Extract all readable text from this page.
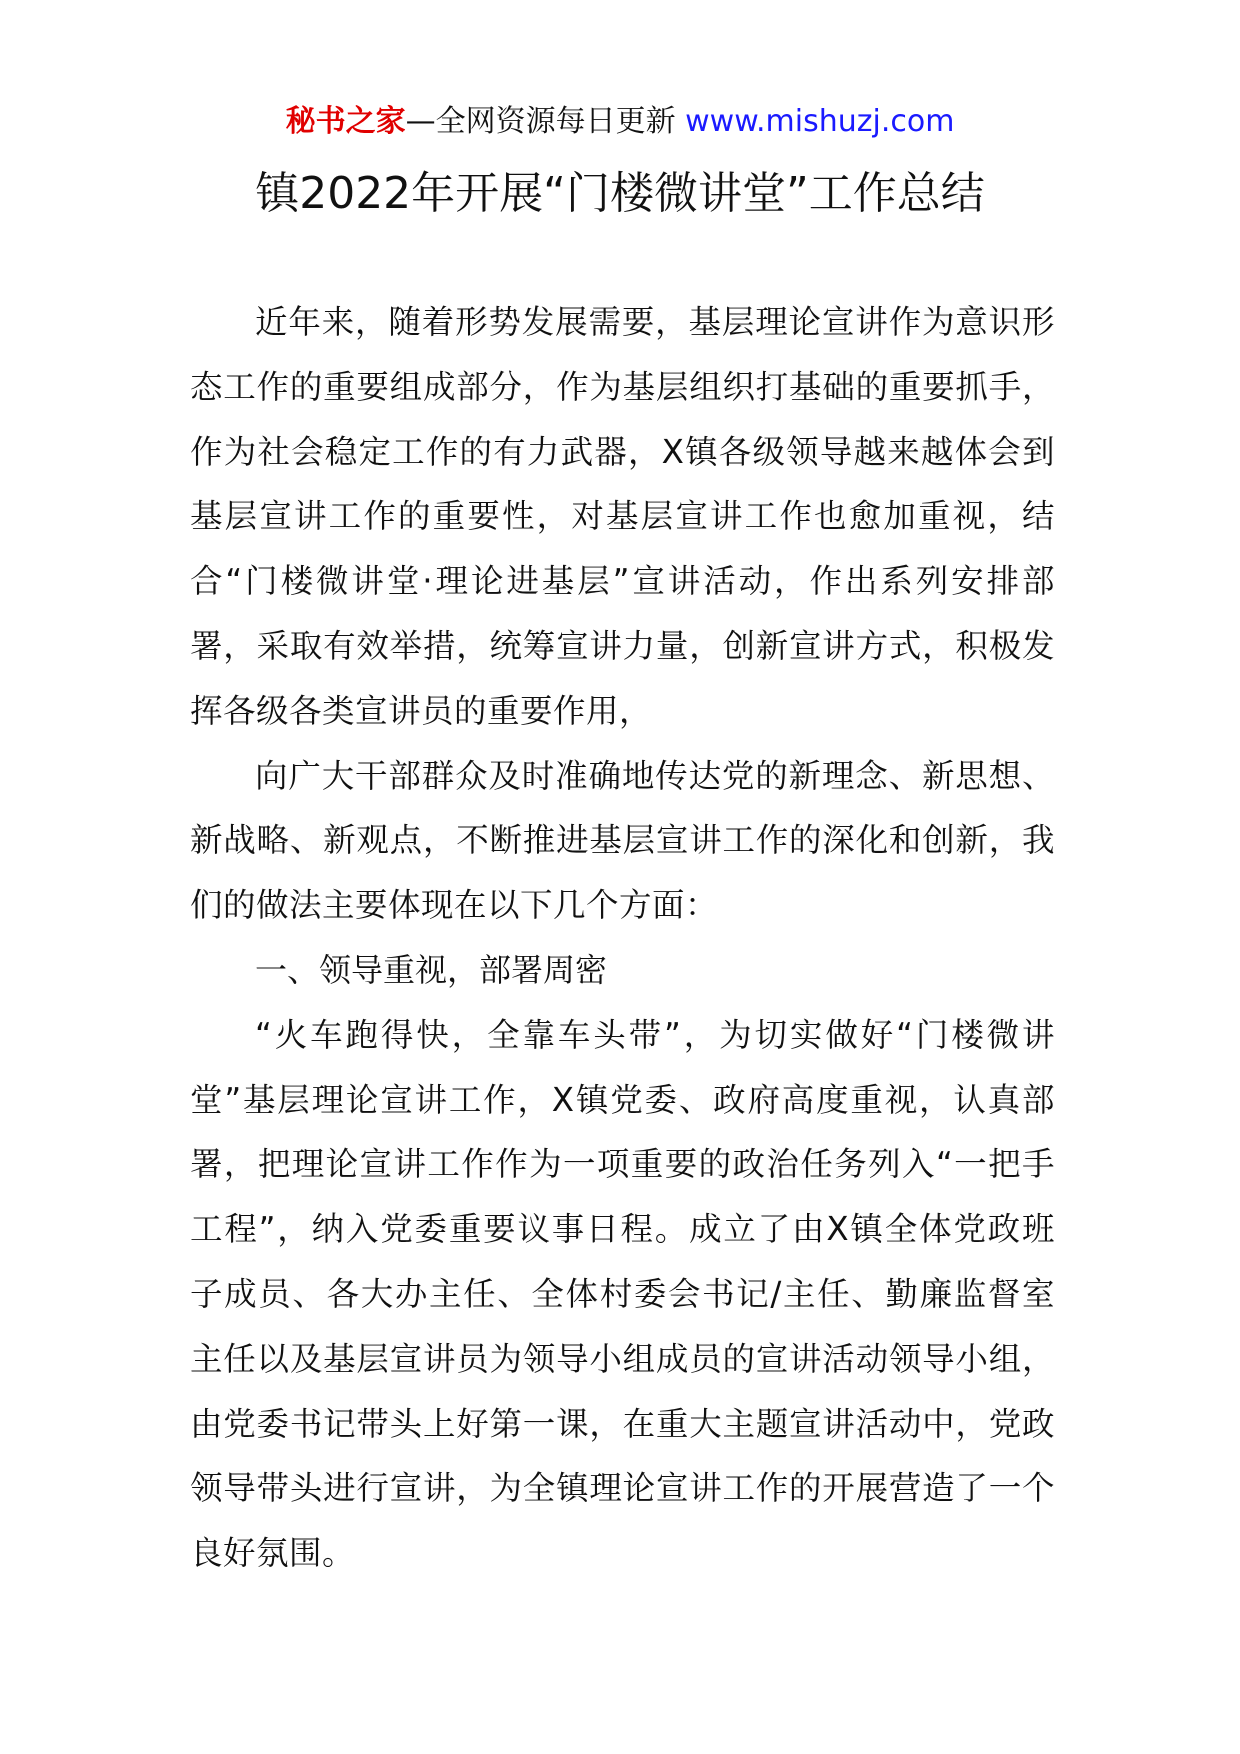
秘书之家—全网资源每日更新 www.mishuzj.com
镇2022年开展“门楼微讲堂”工作总结

近年来，随着形势发展需要，基层理论宣讲作为意识形态工作的重要组成部分，作为基层组织打基础的重要抓手，作为社会稳定工作的有力武器，X镇各级领导越来越体会到基层宣讲工作的重要性，对基层宣讲工作也愈加重视，结合“门楼微讲堂·理论进基层”宣讲活动，作出系列安排部署，采取有效举措，统筹宣讲力量，创新宣讲方式，积极发挥各级各类宣讲员的重要作用，

向广大干部群众及时准确地传达党的新理念、新思想、新战略、新观点，不断推进基层宣讲工作的深化和创新，我们的做法主要体现在以下几个方面：

一、领导重视，部署周密

“火车跑得快，全靠车头带”，为切实做好“门楼微讲堂”基层理论宣讲工作，X镇党委、政府高度重视，认真部署，把理论宣讲工作作为一项重要的政治任务列入“一把手工程”，纳入党委重要议事日程。成立了由X镇全体党政班子成员、各大办主任、全体村委会书记/主任、勤廉监督室主任以及基层宣讲员为领导小组成员的宣讲活动领导小组，由党委书记带头上好第一课，在重大主题宣讲活动中，党政领导带头进行宣讲，为全镇理论宣讲工作的开展营造了一个良好氛围。
